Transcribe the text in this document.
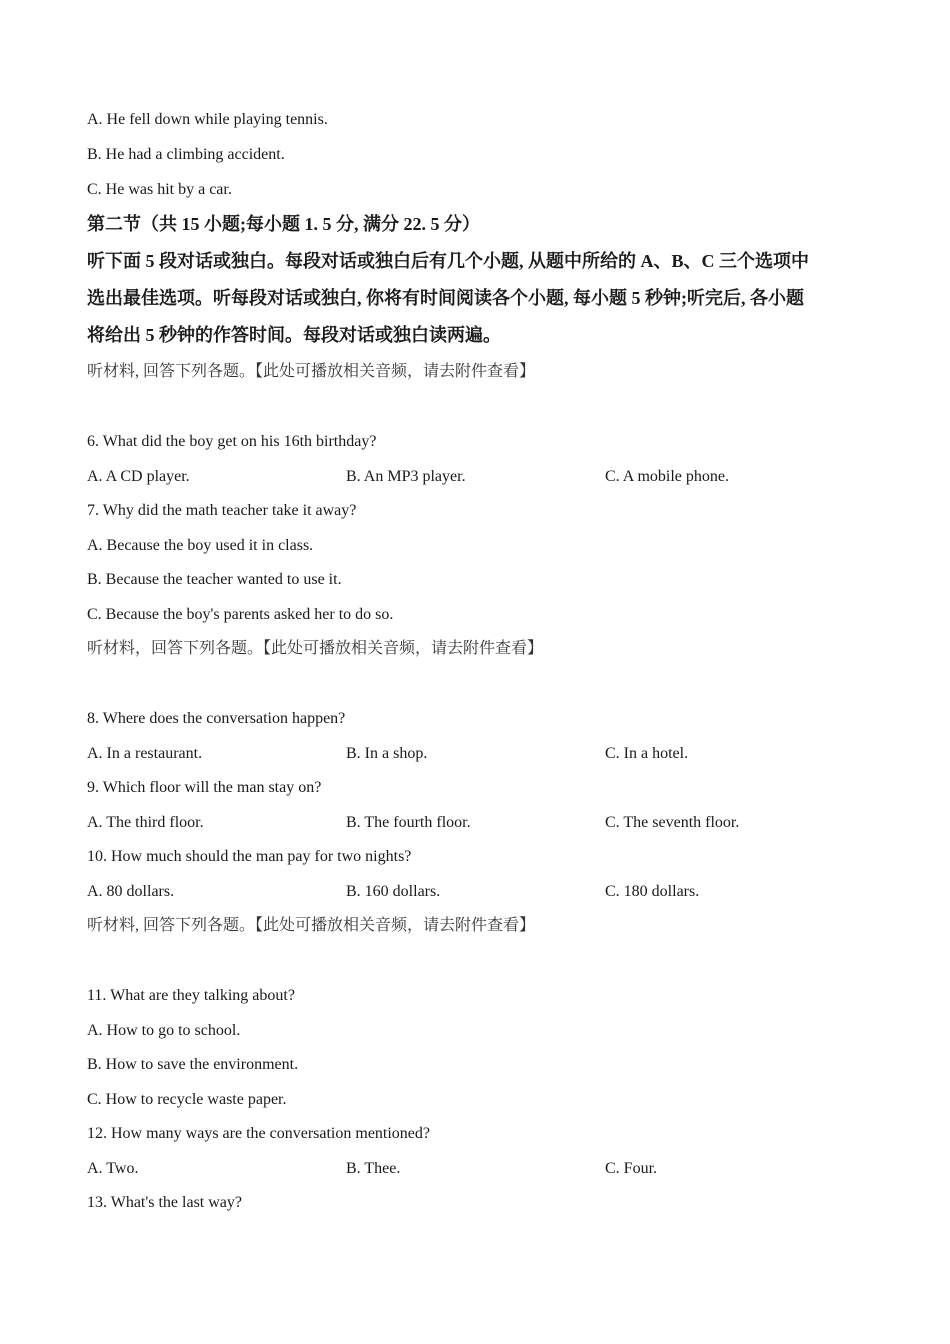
A. He fell down while playing tennis.
B. He had a climbing accident.
C. He was hit by a car.
第二节（共 15 小题;每小题 1. 5 分, 满分 22. 5 分）
听下面 5 段对话或独白。每段对话或独白后有几个小题, 从题中所给的 A、B、C 三个选项中
选出最佳选项。听每段对话或独白, 你将有时间阅读各个小题, 每小题 5 秒钟;听完后, 各小题
将给出 5 秒钟的作答时间。每段对话或独白读两遍。
听材料, 回答下列各题。【此处可播放相关音频，请去附件查看】
6. What did the boy get on his 16th birthday?
A. A CD player.	B. An MP3 player.	C. A mobile phone.
7. Why did the math teacher take it away?
A. Because the boy used it in class.
B. Because the teacher wanted to use it.
C. Because the boy's parents asked her to do so.
听材料，回答下列各题。【此处可播放相关音频，请去附件查看】
8. Where does the conversation happen?
A. In a restaurant.	B. In a shop.	C. In a hotel.
9. Which floor will the man stay on?
A. The third floor.	B. The fourth floor.	C. The seventh floor.
10. How much should the man pay for two nights?
A. 80 dollars.	B. 160 dollars.	C. 180 dollars.
听材料, 回答下列各题。【此处可播放相关音频，请去附件查看】
11. What are they talking about?
A. How to go to school.
B. How to save the environment.
C. How to recycle waste paper.
12. How many ways are the conversation mentioned?
A. Two.	B. Thee.	C. Four.
13. What's the last way?
